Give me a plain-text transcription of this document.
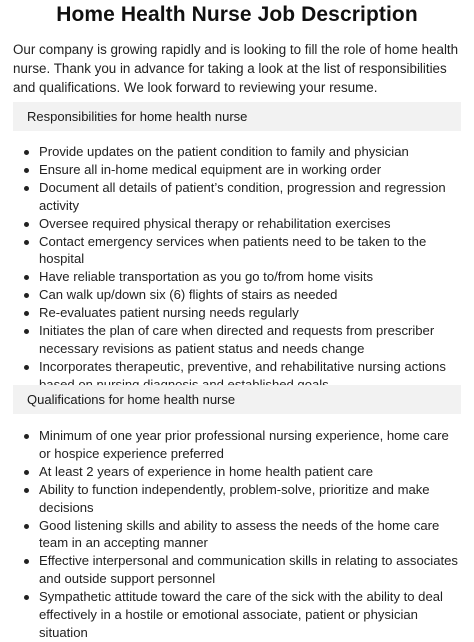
Home Health Nurse Job Description

Our company is growing rapidly and is looking to fill the role of home health nurse. Thank you in advance for taking a look at the list of responsibilities and qualifications. We look forward to reviewing your resume.

Responsibilities for home health nurse
Provide updates on the patient condition to family and physician
Ensure all in-home medical equipment are in working order
Document all details of patient’s condition, progression and regression activity
Oversee required physical therapy or rehabilitation exercises
Contact emergency services when patients need to be taken to the hospital
Have reliable transportation as you go to/from home visits
Can walk up/down six (6) flights of stairs as needed
Re-evaluates patient nursing needs regularly
Initiates the plan of care when directed and requests from prescriber necessary revisions as patient status and needs change
Incorporates therapeutic, preventive, and rehabilitative nursing actions
Qualifications for home health nurse
Minimum of one year prior professional nursing experience, home care or hospice experience preferred
At least 2 years of experience in home health patient care
Ability to function independently, problem-solve, prioritize and make decisions
Good listening skills and ability to assess the needs of the home care team in an accepting manner
Effective interpersonal and communication skills in relating to associates and outside support personnel
Sympathetic attitude toward the care of the sick with the ability to deal effectively in a hostile or emotional associate, patient or physician situation
